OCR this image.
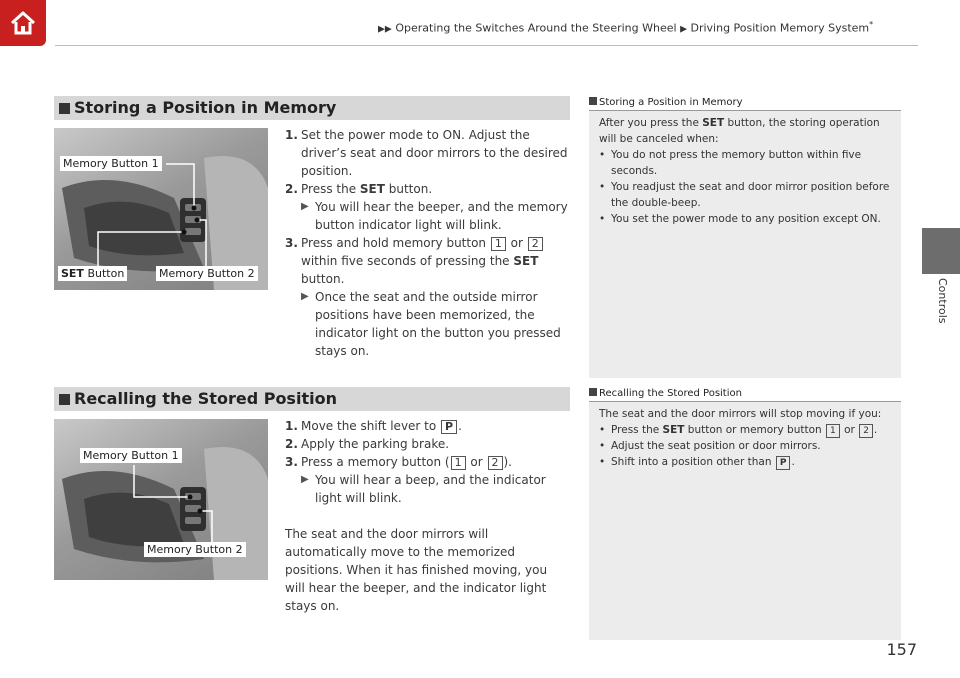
▶▶ Operating the Switches Around the Steering Wheel ▶ Driving Position Memory System*
Controls
Storing a Position in Memory
Memory Button 1
SET Button	Memory Button 2
1. Set the power mode to ON. Adjust the driver’s seat and door mirrors to the desired position.
2. Press the SET button.
▶ You will hear the beeper, and the memory button indicator light will blink.
3. Press and hold memory button 1 or 2 within five seconds of pressing the SET button.
▶ Once the seat and the outside mirror positions have been memorized, the indicator light on the button you pressed stays on.
Recalling the Stored Position
Memory Button 1
Memory Button 2
1. Move the shift lever to P .
2. Apply the parking brake.
3. Press a memory button ( 1 or 2 ).
▶ You will hear a beep, and the indicator light will blink.
The seat and the door mirrors will automatically move to the memorized positions. When it has finished moving, you will hear the beeper, and the indicator light stays on.
Storing a Position in Memory
After you press the SET button, the storing operation will be canceled when:
• You do not press the memory button within five seconds.
• You readjust the seat and door mirror position before the double-beep.
• You set the power mode to any position except ON.
Recalling the Stored Position
The seat and the door mirrors will stop moving if you:
• Press the SET button or memory button 1 or 2 .
• Adjust the seat position or door mirrors.
• Shift into a position other than P .
157
